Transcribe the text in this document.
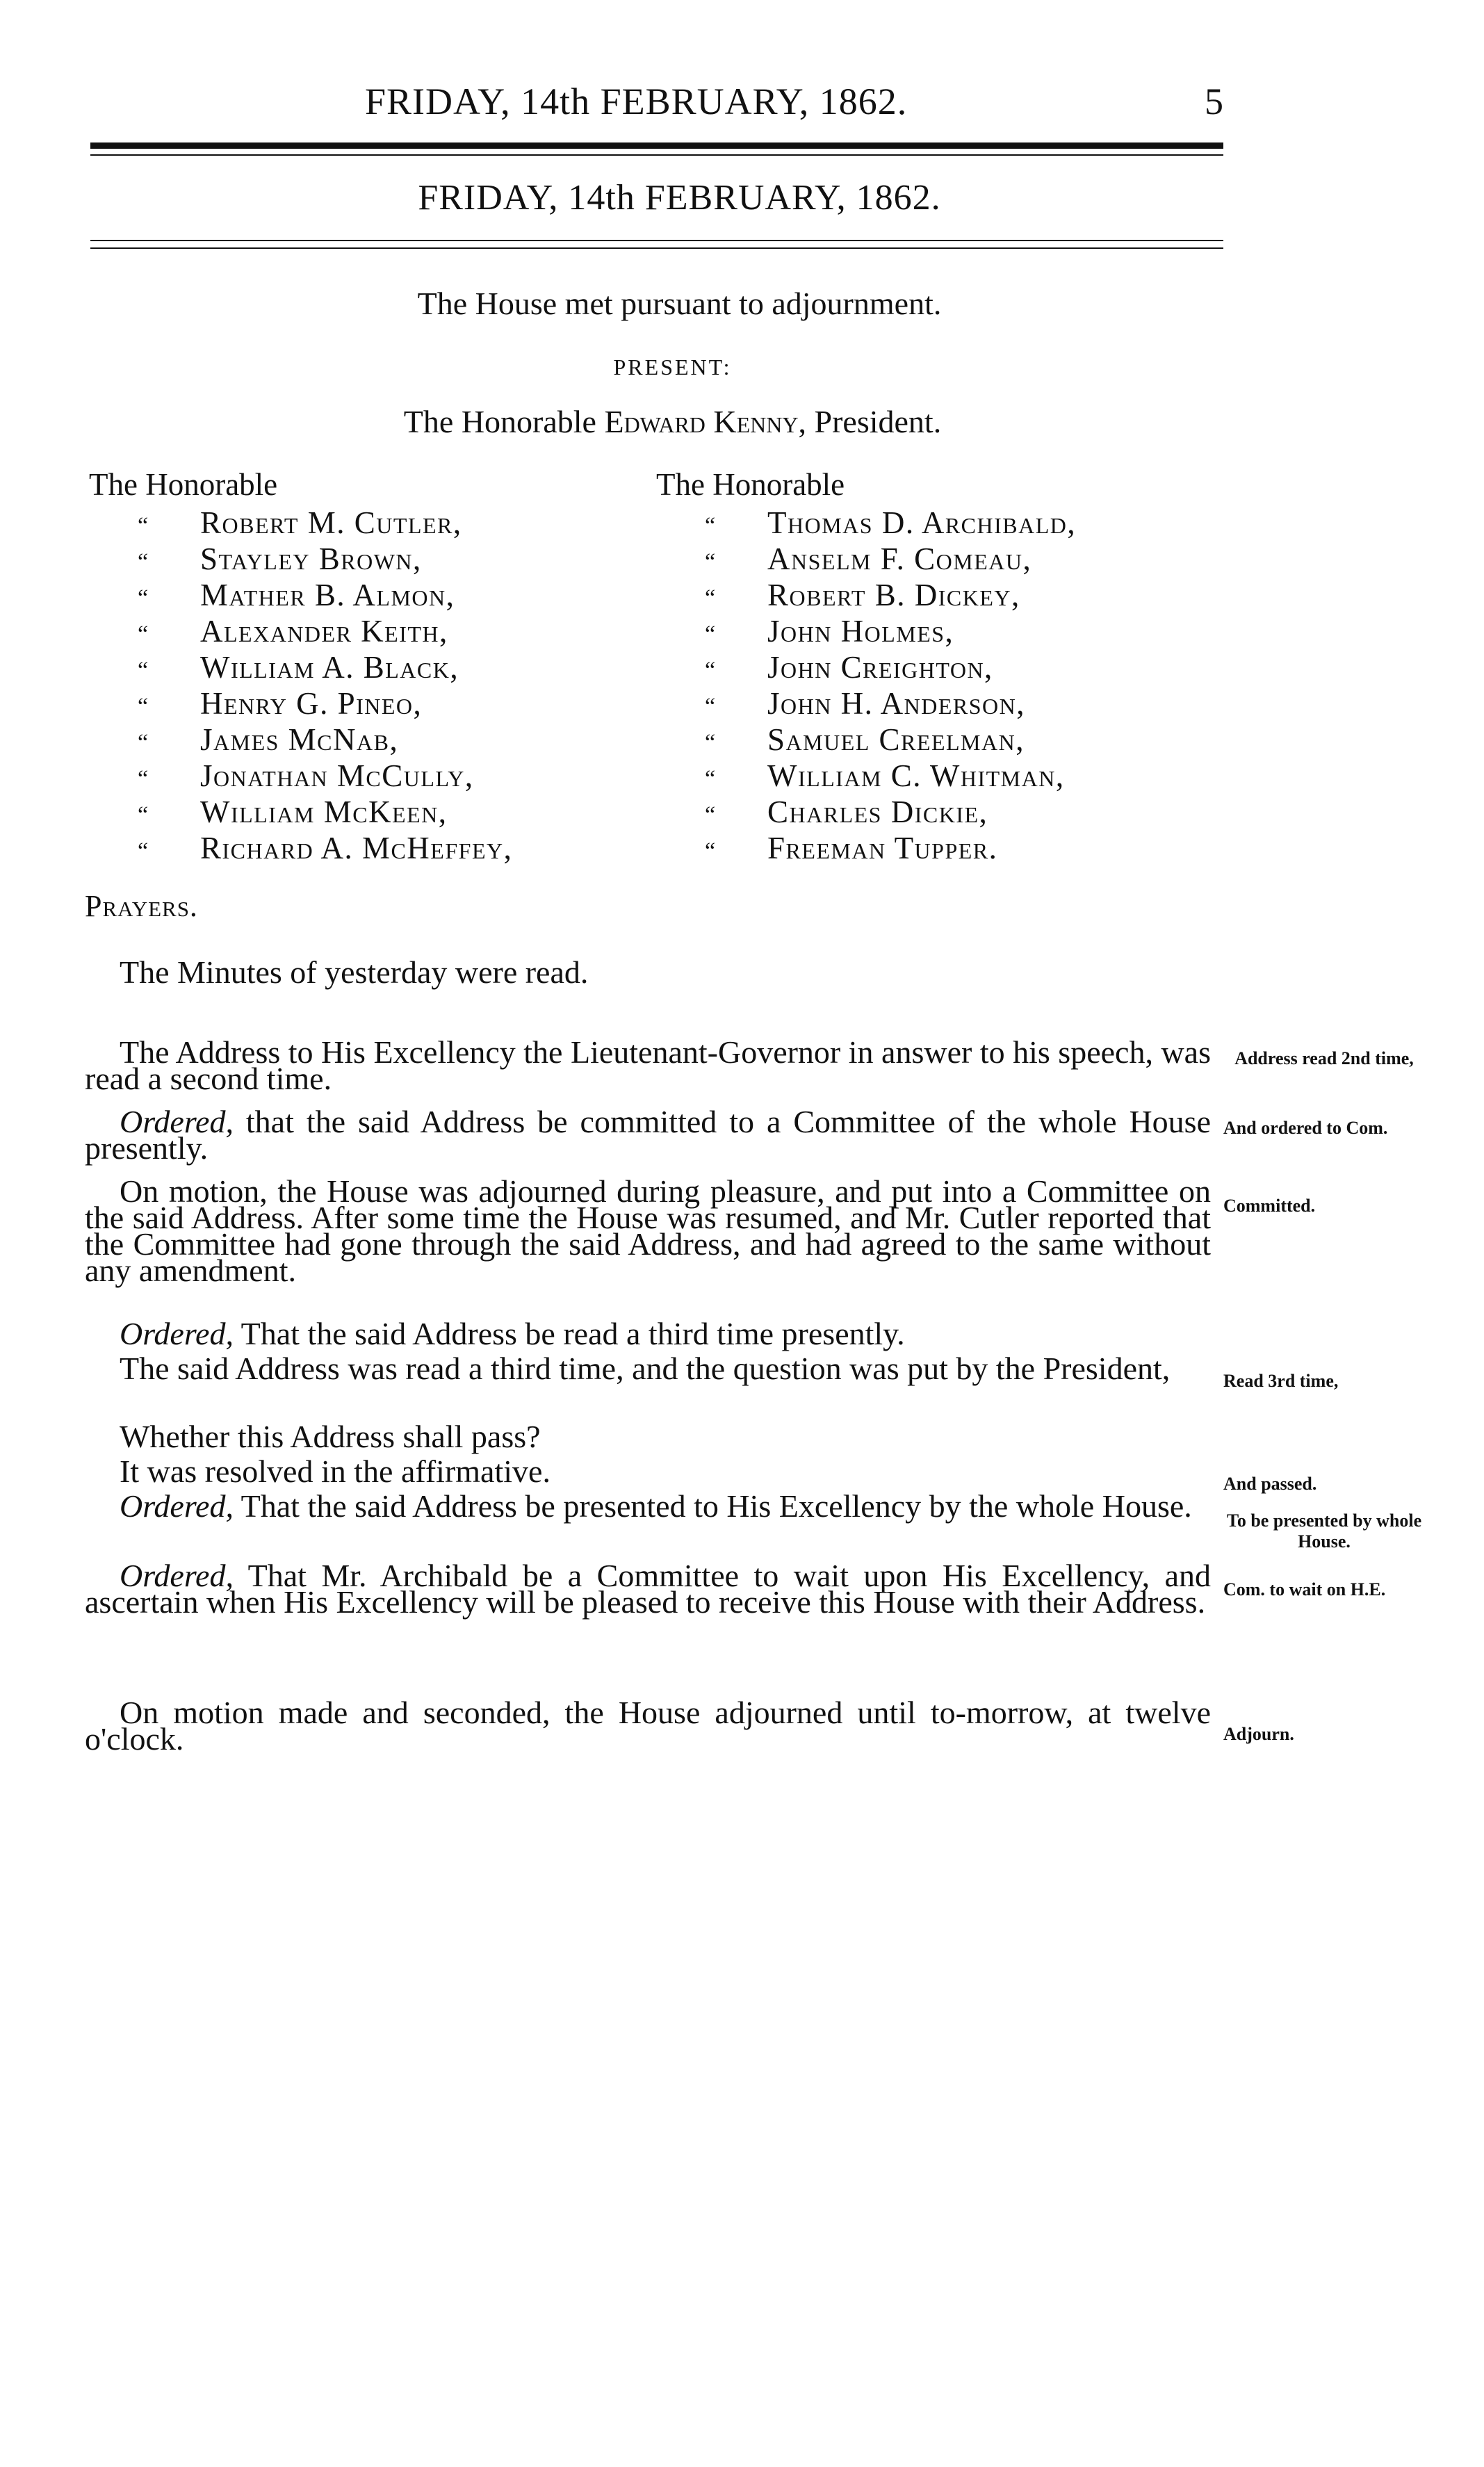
FRIDAY, 14th FEBRUARY, 1862.	5
FRIDAY, 14th FEBRUARY, 1862.
The House met pursuant to adjournment.
PRESENT:
The Honorable Edward Kenny, President.
The Honorable
“ Robert M. Cutler,
“ Stayley Brown,
“ Mather B. Almon,
“ Alexander Keith,
“ William A. Black,
“ Henry G. Pineo,
“ James McNab,
“ Jonathan McCully,
“ William McKeen,
“ Richard A. McHeffey,
The Honorable
“ Thomas D. Archibald,
“ Anselm F. Comeau,
“ Robert B. Dickey,
“ John Holmes,
“ John Creighton,
“ John H. Anderson,
“ Samuel Creelman,
“ William C. Whitman,
“ Charles Dickie,
“ Freeman Tupper.
Prayers.
The Minutes of yesterday were read.
The Address to His Excellency the Lieutenant-Governor in answer to his speech, was read a second time.
Ordered, that the said Address be committed to a Committee of the whole House presently.
On motion, the House was adjourned during pleasure, and put into a Committee on the said Address. After some time the House was resumed, and Mr. Cutler reported that the Committee had gone through the said Address, and had agreed to the same without any amendment.
Ordered, That the said Address be read a third time presently.
The said Address was read a third time, and the question was put by the President,
Whether this Address shall pass?
It was resolved in the affirmative.
Ordered, That the said Address be presented to His Excellency by the whole House.
Ordered, That Mr. Archibald be a Committee to wait upon His Excellency, and ascertain when His Excellency will be pleased to receive this House with their Address.
On motion made and seconded, the House adjourned until to-morrow, at twelve o'clock.
Address read 2nd time,
And ordered to Com.
Committed.
Read 3rd time,
And passed.
To be presented by whole House.
Com. to wait on H.E.
Adjourn.
